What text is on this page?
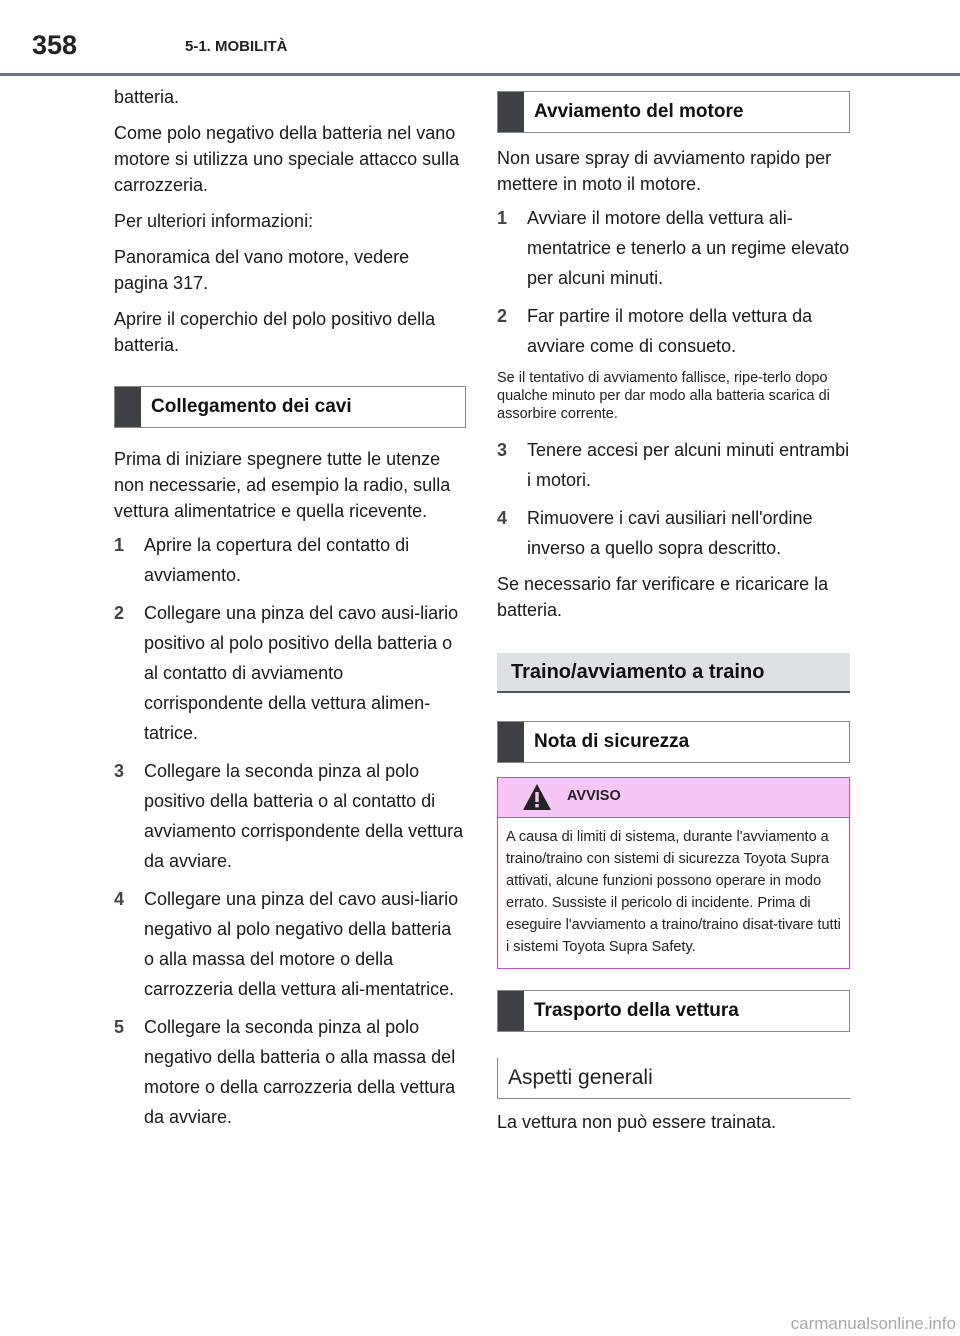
358	5-1. MOBILITÀ

batteria.

Come polo negativo della batteria nel vano motore si utilizza uno speciale attacco sulla carrozzeria.

Per ulteriori informazioni:

Panoramica del vano motore, vedere pagina 317.

Aprire il coperchio del polo positivo della batteria.

Collegamento dei cavi

Prima di iniziare spegnere tutte le utenze non necessarie, ad esempio la radio, sulla vettura alimentatrice e quella ricevente.

1	Aprire la copertura del contatto di avviamento.
2	Collegare una pinza del cavo ausi-liario positivo al polo positivo della batteria o al contatto di avviamento corrispondente della vettura alimen-tatrice.
3	Collegare la seconda pinza al polo positivo della batteria o al contatto di avviamento corrispondente della vettura da avviare.
4	Collegare una pinza del cavo ausi-liario negativo al polo negativo della batteria o alla massa del motore o della carrozzeria della vettura ali-mentatrice.
5	Collegare la seconda pinza al polo negativo della batteria o alla massa del motore o della carrozzeria della vettura da avviare.
Avviamento del motore

Non usare spray di avviamento rapido per mettere in moto il motore.

1	Avviare il motore della vettura ali-mentatrice e tenerlo a un regime elevato per alcuni minuti.
2	Far partire il motore della vettura da avviare come di consueto.

Se il tentativo di avviamento fallisce, ripe-terlo dopo qualche minuto per dar modo alla batteria scarica di assorbire corrente.

3	Tenere accesi per alcuni minuti entrambi i motori.
4	Rimuovere i cavi ausiliari nell'ordine inverso a quello sopra descritto.

Se necessario far verificare e ricaricare la batteria.

Traino/avviamento a traino
Nota di sicurezza
AVVISO
A causa di limiti di sistema, durante l'avviamento a traino/traino con sistemi di sicurezza Toyota Supra attivati, alcune funzioni possono operare in modo errato. Sussiste il pericolo di incidente. Prima di eseguire l'avviamento a traino/traino disat-tivare tutti i sistemi Toyota Supra Safety.
Trasporto della vettura
Aspetti generali

La vettura non può essere trainata.

carmanualsonline.info
